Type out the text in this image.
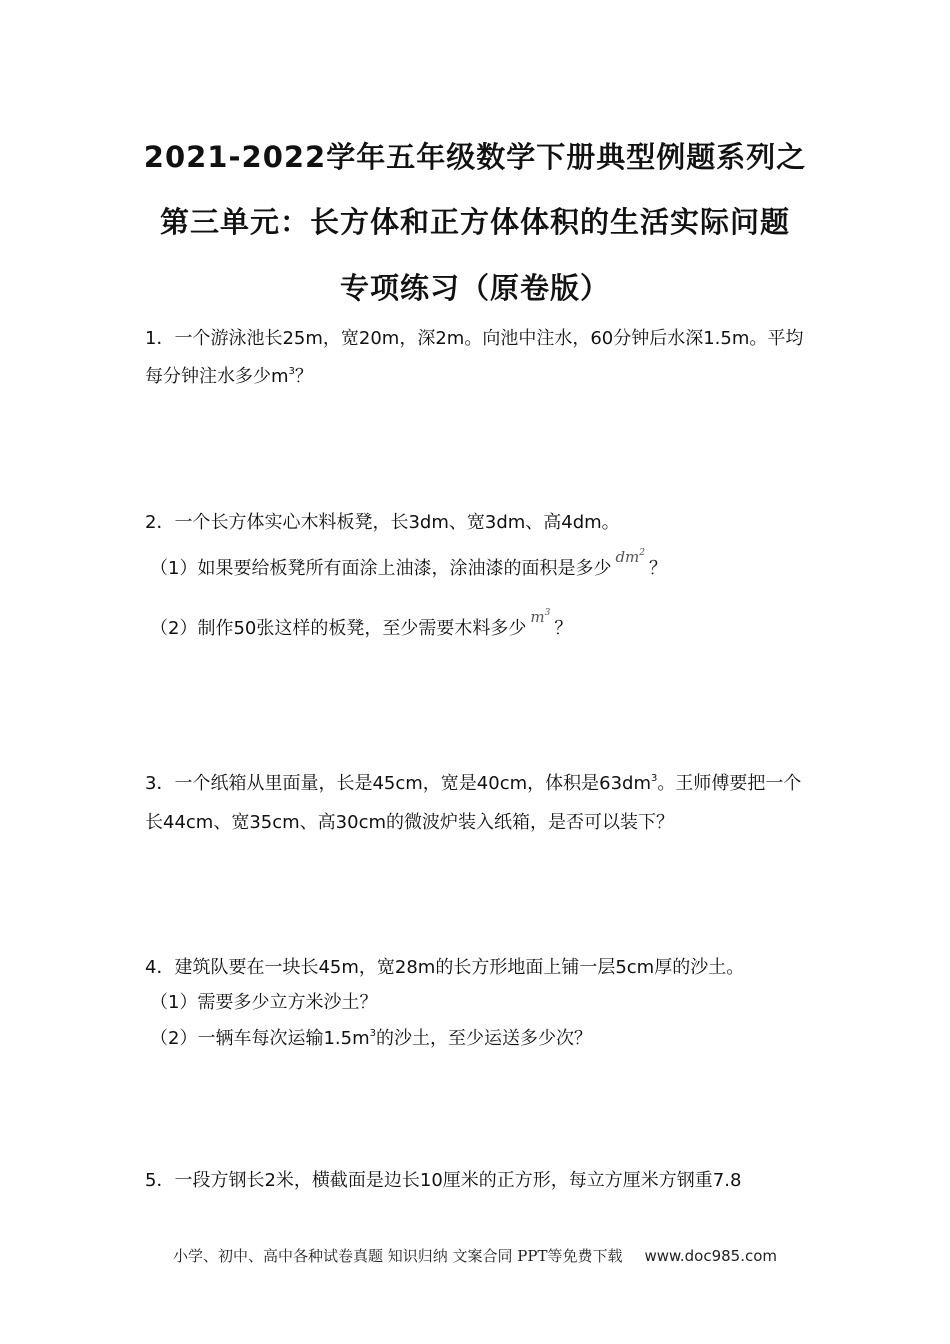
2021-2022学年五年级数学下册典型例题系列之
第三单元：长方体和正方体体积的生活实际问题
专项练习（原卷版）
1．一个游泳池长25m，宽20m，深2m。向池中注水，60分钟后水深1.5m。平均
每分钟注水多少$m^3$？
2．一个长方体实心木料板凳，长3dm、宽3dm、高4dm。
（1）如果要给板凳所有面涂上油漆，涂油漆的面积是多少$^{dm^2}$？
（2）制作50张这样的板凳，至少需要木料多少$^{m^3}$？
3．一个纸箱从里面量，长是45cm，宽是40cm，体积是$63dm^3$。王师傅要把一个
长44cm、宽35cm、高30cm的微波炉装入纸箱，是否可以装下？
4．建筑队要在一块长45m，宽28m的长方形地面上铺一层5cm厚的沙土。
（1）需要多少立方米沙土？
（2）一辆车每次运输$1.5m^3$的沙土，至少运送多少次？
5．一段方钢长2米，横截面是边长10厘米的正方形，每立方厘米方钢重7.8
小学、初中、高中各种试卷真题 知识归纳 文案合同 PPT等免费下载 www.doc985.com
